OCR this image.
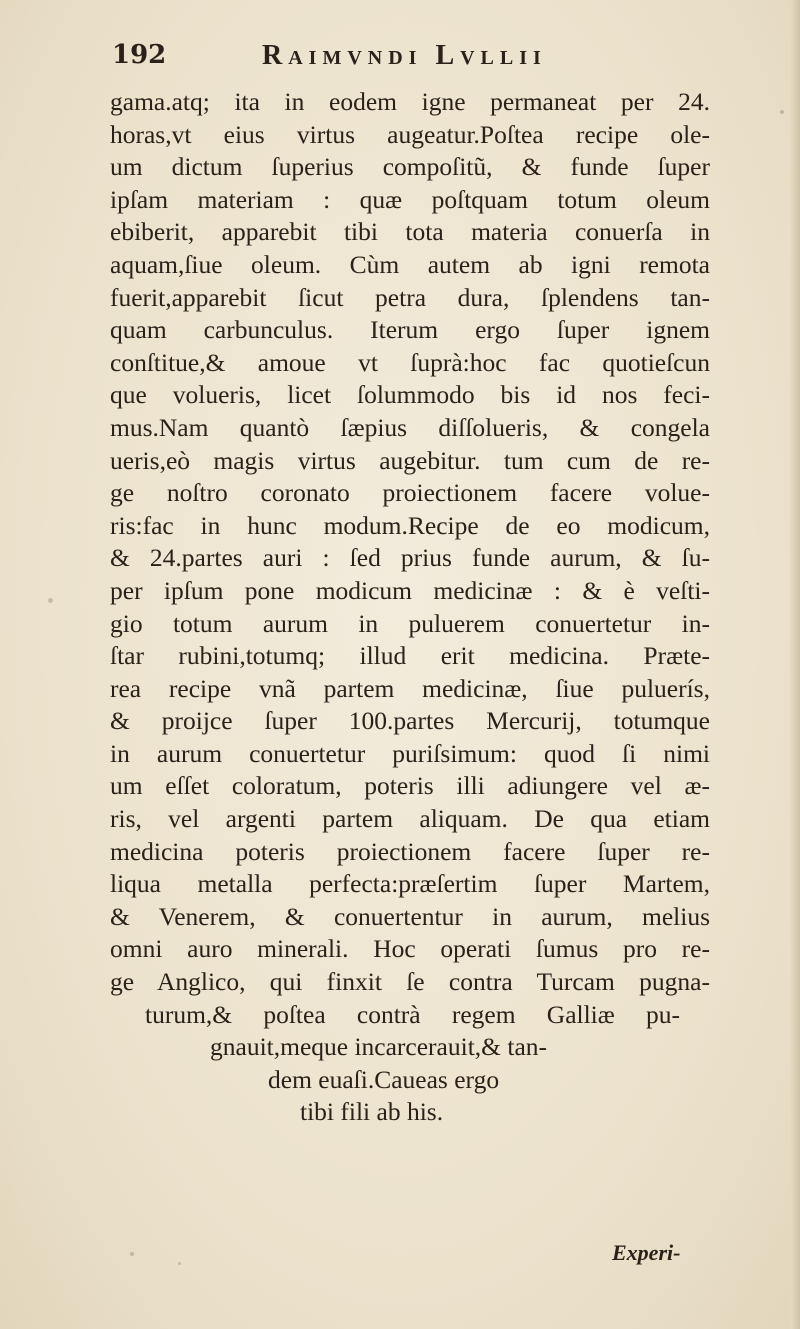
192	Raimvndi Lvllii
gama.atq; ita in eodem igne permaneat per 24.
horas,vt eius virtus augeatur.Poſtea recipe ole-
um dictum ſuperius compoſitũ, & funde ſuper
ipſam materiam : quæ poſtquam totum oleum
ebiberit, apparebit tibi tota materia conuerſa in
aquam,ſiue oleum. Cùm autem ab igni remota
fuerit,apparebit ſicut petra dura, ſplendens tan-
quam carbunculus. Iterum ergo ſuper ignem
conſtitue,& amoue vt ſuprà:hoc fac quotieſcun
que volueris, licet ſolummodo bis id nos feci-
mus.Nam quantò ſæpius diſſolueris, & congela
ueris,eò magis virtus augebitur. tum cum de re-
ge noſtro coronato proiectionem facere volue-
ris:fac in hunc modum.Recipe de eo modicum,
& 24.partes auri : ſed prius funde aurum, & ſu-
per ipſum pone modicum medicinæ : & è veſti-
gio totum aurum in puluerem conuertetur in-
ſtar rubini,totumq; illud erit medicina. Præte-
rea recipe vnã partem medicinæ, ſiue puluerís,
& proijce ſuper 100.partes Mercurij, totumque
in aurum conuertetur puriſsimum: quod ſi nimi
um eſſet coloratum, poteris illi adiungere vel æ-
ris, vel argenti partem aliquam. De qua etiam
medicina poteris proiectionem facere ſuper re-
liqua metalla perfecta:præſertim ſuper Martem,
& Venerem, & conuertentur in aurum, melius
omni auro minerali. Hoc operati ſumus pro re-
ge Anglico, qui finxit ſe contra Turcam pugna-
turum,& poſtea contrà regem Galliæ pu-
gnauit,meque incarcerauit,& tan-
dem euaſi.Caueas ergo
tibi fili ab his.
Experi-
